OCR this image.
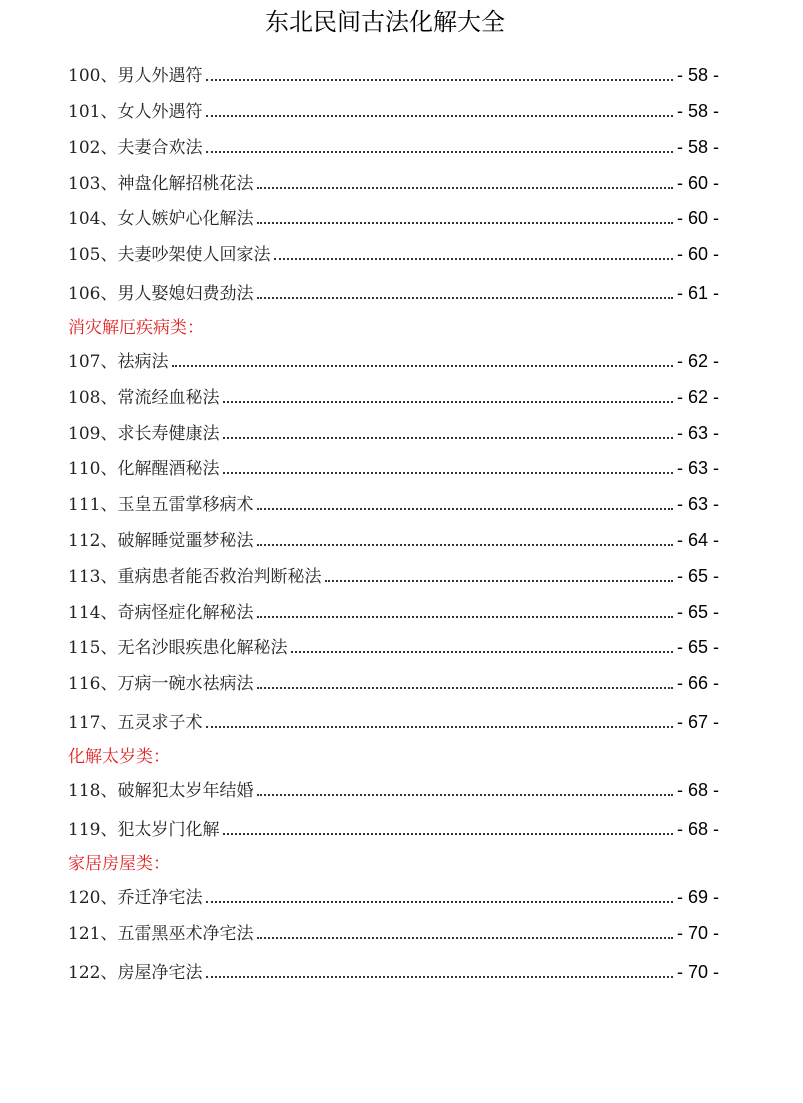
东北民间古法化解大全
100、男人外遇符	- 58 -
101、女人外遇符	- 58 -
102、夫妻合欢法	- 58 -
103、神盘化解招桃花法	- 60 -
104、女人嫉妒心化解法	- 60 -
105、夫妻吵架使人回家法	- 60 -
106、男人娶媳妇费劲法	- 61 -
消灾解厄疾病类：
107、祛病法	- 62 -
108、常流经血秘法	- 62 -
109、求长寿健康法	- 63 -
110、化解醒酒秘法	- 63 -
111、玉皇五雷掌移病术	- 63 -
112、破解睡觉噩梦秘法	- 64 -
113、重病患者能否救治判断秘法	- 65 -
114、奇病怪症化解秘法	- 65 -
115、无名沙眼疾患化解秘法	- 65 -
116、万病一碗水祛病法	- 66 -
117、五灵求子术	- 67 -
化解太岁类：
118、破解犯太岁年结婚	- 68 -
119、犯太岁门化解	- 68 -
家居房屋类：
120、乔迁净宅法	- 69 -
121、五雷黑巫术净宅法	- 70 -
122、房屋净宅法	- 70 -
